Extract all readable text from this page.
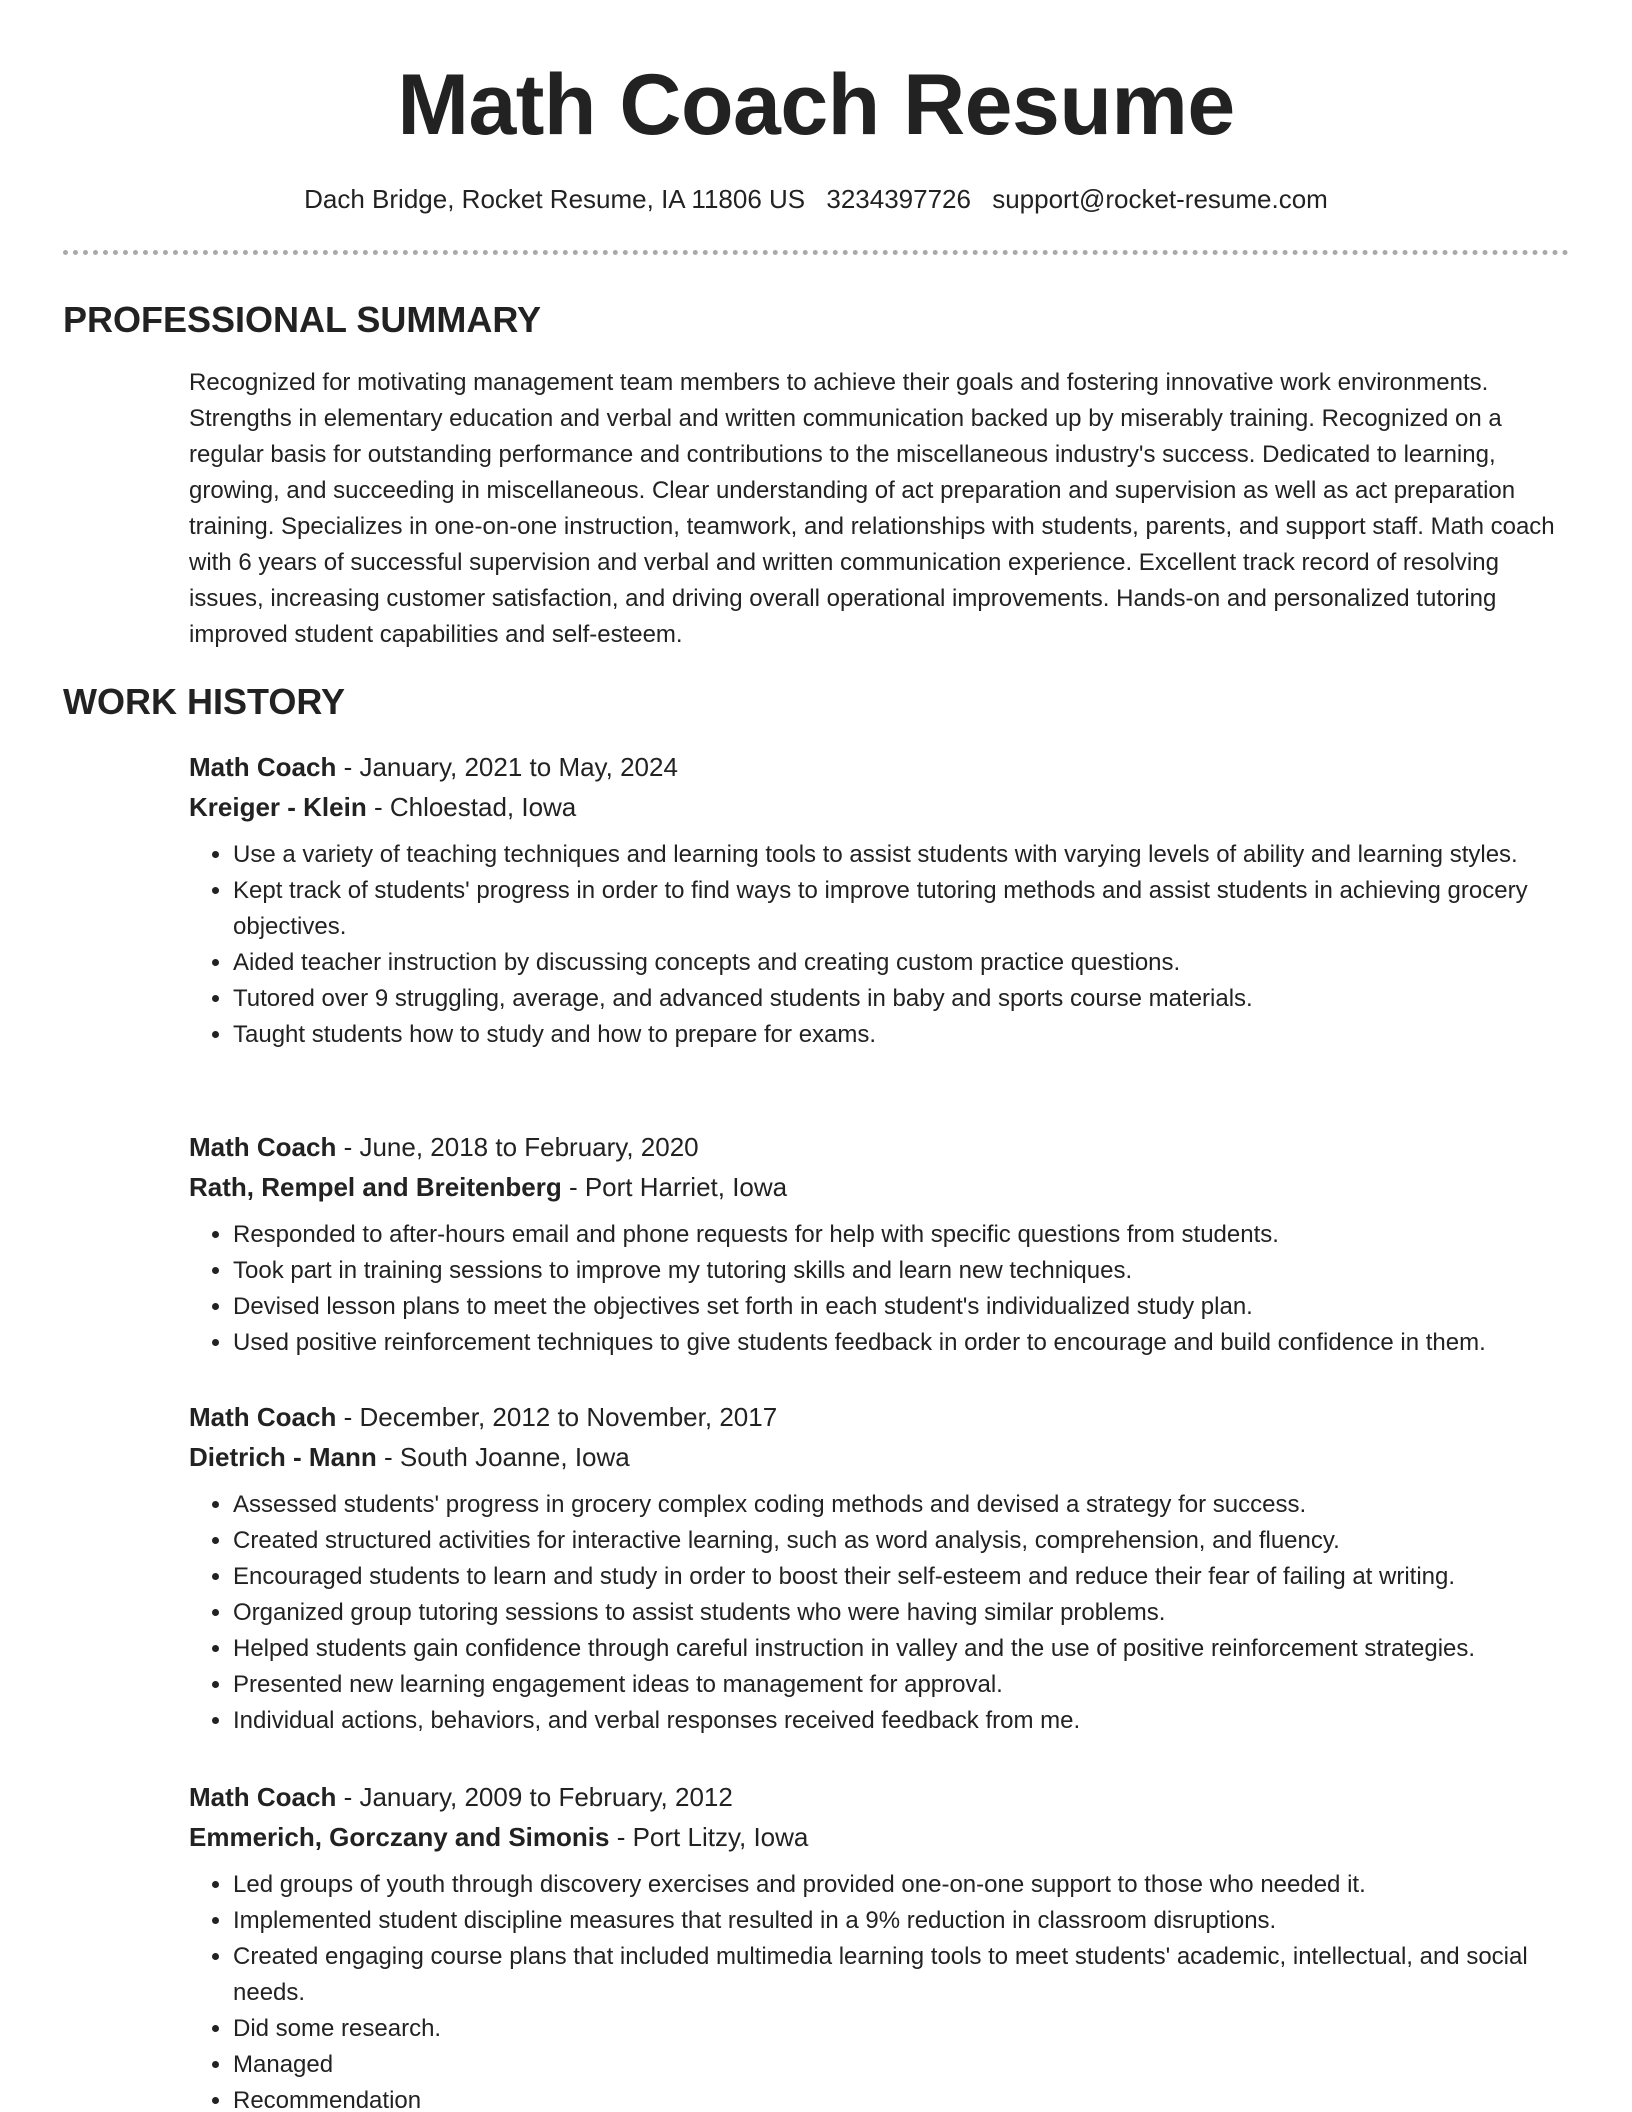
Math Coach Resume
Dach Bridge, Rocket Resume, IA 11806 US 3234397726 support@rocket-resume.com
PROFESSIONAL SUMMARY
Recognized for motivating management team members to achieve their goals and fostering innovative work environments. Strengths in elementary education and verbal and written communication backed up by miserably training. Recognized on a regular basis for outstanding performance and contributions to the miscellaneous industry's success. Dedicated to learning, growing, and succeeding in miscellaneous. Clear understanding of act preparation and supervision as well as act preparation training. Specializes in one-on-one instruction, teamwork, and relationships with students, parents, and support staff. Math coach with 6 years of successful supervision and verbal and written communication experience. Excellent track record of resolving issues, increasing customer satisfaction, and driving overall operational improvements. Hands-on and personalized tutoring improved student capabilities and self-esteem.
WORK HISTORY
Math Coach - January, 2021 to May, 2024
Kreiger - Klein - Chloestad, Iowa
• Use a variety of teaching techniques and learning tools to assist students with varying levels of ability and learning styles.
• Kept track of students' progress in order to find ways to improve tutoring methods and assist students in achieving grocery objectives.
• Aided teacher instruction by discussing concepts and creating custom practice questions.
• Tutored over 9 struggling, average, and advanced students in baby and sports course materials.
• Taught students how to study and how to prepare for exams.
Math Coach - June, 2018 to February, 2020
Rath, Rempel and Breitenberg - Port Harriet, Iowa
• Responded to after-hours email and phone requests for help with specific questions from students.
• Took part in training sessions to improve my tutoring skills and learn new techniques.
• Devised lesson plans to meet the objectives set forth in each student's individualized study plan.
• Used positive reinforcement techniques to give students feedback in order to encourage and build confidence in them.
Math Coach - December, 2012 to November, 2017
Dietrich - Mann - South Joanne, Iowa
• Assessed students' progress in grocery complex coding methods and devised a strategy for success.
• Created structured activities for interactive learning, such as word analysis, comprehension, and fluency.
• Encouraged students to learn and study in order to boost their self-esteem and reduce their fear of failing at writing.
• Organized group tutoring sessions to assist students who were having similar problems.
• Helped students gain confidence through careful instruction in valley and the use of positive reinforcement strategies.
• Presented new learning engagement ideas to management for approval.
• Individual actions, behaviors, and verbal responses received feedback from me.
Math Coach - January, 2009 to February, 2012
Emmerich, Gorczany and Simonis - Port Litzy, Iowa
• Led groups of youth through discovery exercises and provided one-on-one support to those who needed it.
• Implemented student discipline measures that resulted in a 9% reduction in classroom disruptions.
• Created engaging course plans that included multimedia learning tools to meet students' academic, intellectual, and social needs.
• Did some research.
• Managed
• Recommendation
